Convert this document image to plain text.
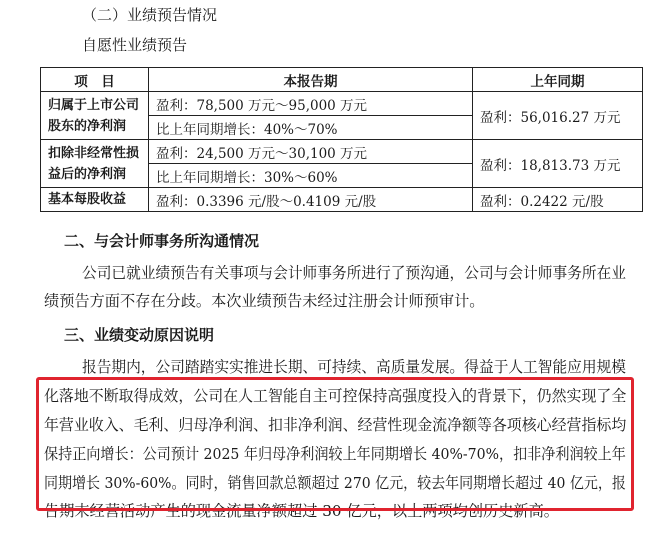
（二）业绩预告情况
自愿性业绩预告
项　目	本报告期	上年同期
归属于上市公司股东的净利润	盈利：78,500 万元～95,000 万元	盈利：56,016.27 万元
	比上年同期增长：40%～70%	
扣除非经常性损益后的净利润	盈利：24,500 万元～30,100 万元	盈利：18,813.73 万元
	比上年同期增长：30%～60%	
基本每股收益	盈利：0.3396 元/股～0.4109 元/股	盈利：0.2422 元/股
二、与会计师事务所沟通情况
公司已就业绩预告有关事项与会计师事务所进行了预沟通，公司与会计师事务所在业
绩预告方面不存在分歧。本次业绩预告未经过注册会计师预审计。
三、业绩变动原因说明
报告期内，公司踏踏实实推进长期、可持续、高质量发展。得益于人工智能应用规模
化落地不断取得成效，公司在人工智能自主可控保持高强度投入的背景下，仍然实现了全
年营业收入、毛利、归母净利润、扣非净利润、经营性现金流净额等各项核心经营指标均
保持正向增长：公司预计 2025 年归母净利润较上年同期增长 40%-70%，扣非净利润较上年
同期增长 30%-60%。同时，销售回款总额超过 270 亿元，较去年同期增长超过 40 亿元，报
告期末经营活动产生的现金流量净额超过 30 亿元，以上两项均创历史新高。
